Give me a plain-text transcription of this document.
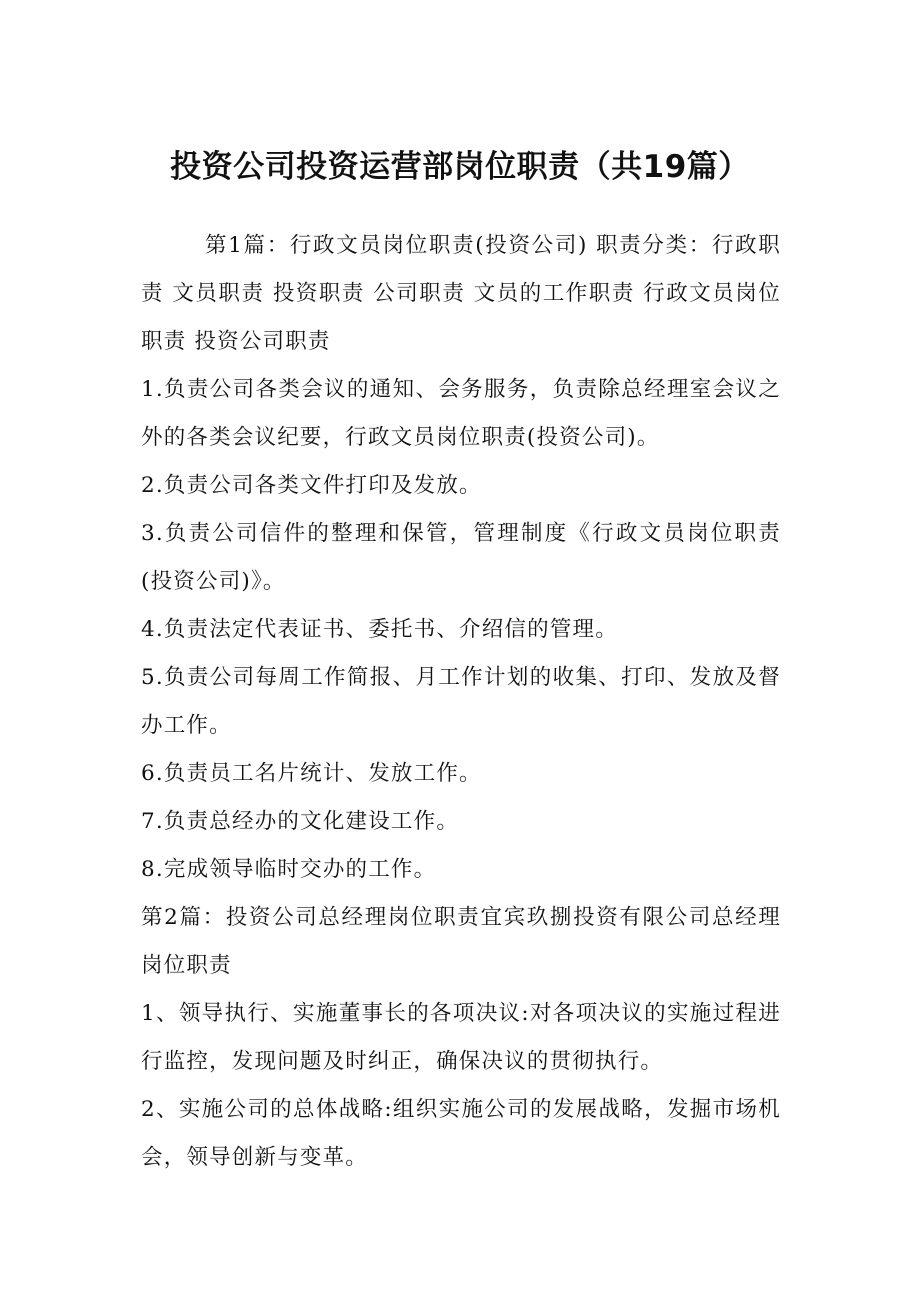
投资公司投资运营部岗位职责（共19篇）

第1篇：行政文员岗位职责(投资公司) 职责分类：行政职责 文员职责 投资职责 公司职责 文员的工作职责 行政文员岗位职责 投资公司职责

1.负责公司各类会议的通知、会务服务，负责除总经理室会议之外的各类会议纪要，行政文员岗位职责(投资公司)。

2.负责公司各类文件打印及发放。

3.负责公司信件的整理和保管，管理制度《行政文员岗位职责(投资公司)》。

4.负责法定代表证书、委托书、介绍信的管理。

5.负责公司每周工作简报、月工作计划的收集、打印、发放及督办工作。

6.负责员工名片统计、发放工作。

7.负责总经办的文化建设工作。

8.完成领导临时交办的工作。

第2篇：投资公司总经理岗位职责宜宾玖捌投资有限公司总经理岗位职责

1、领导执行、实施董事长的各项决议:对各项决议的实施过程进行监控，发现问题及时纠正，确保决议的贯彻执行。

2、实施公司的总体战略:组织实施公司的发展战略，发掘市场机会，领导创新与变革。
